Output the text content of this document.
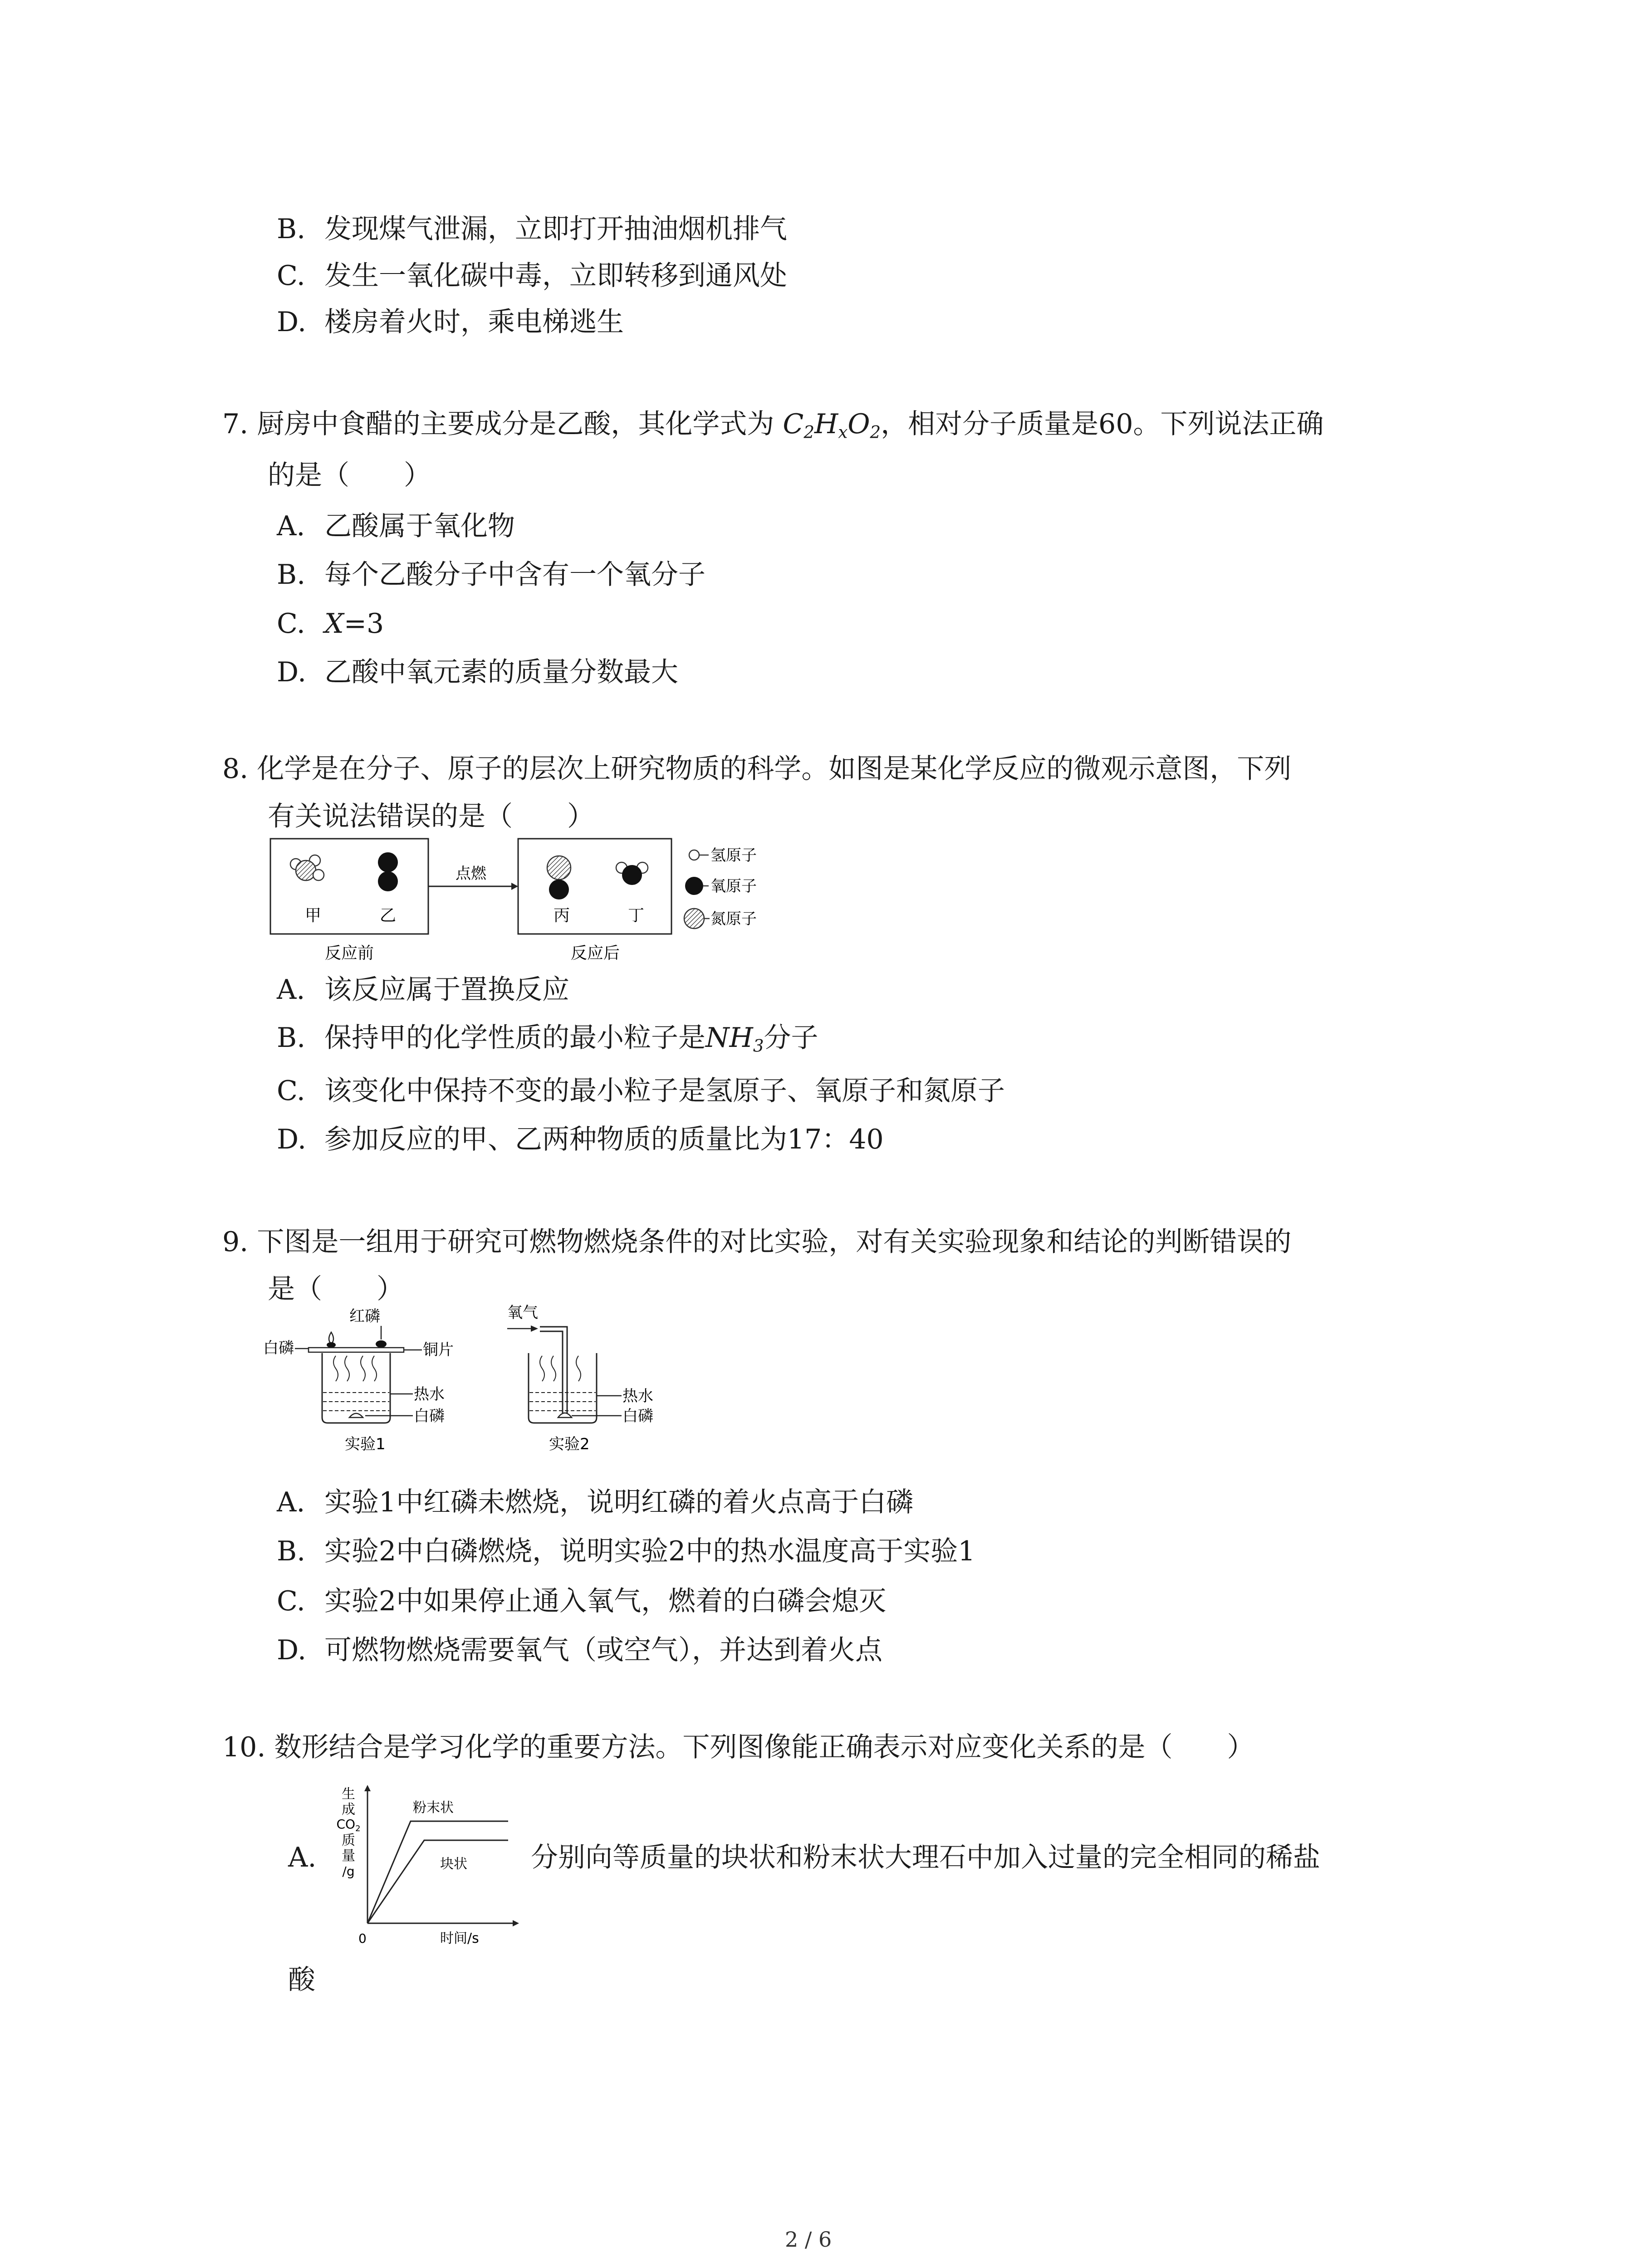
B. 发现煤气泄漏，立即打开抽油烟机排气
C. 发生一氧化碳中毒，立即转移到通风处
D. 楼房着火时，乘电梯逃生
7. 厨房中食醋的主要成分是乙酸，其化学式为 $C_2H_xO_2$，相对分子质量是60。下列说法正确
的是（　　）
A. 乙酸属于氧化物
B. 每个乙酸分子中含有一个氧分子
C. X=3
D. 乙酸中氧元素的质量分数最大
8. 化学是在分子、原子的层次上研究物质的科学。如图是某化学反应的微观示意图，下列
有关说法错误的是（　　）
甲	乙
点燃
丙	丁
反应前	反应后
氢原子
氧原子
氮原子
A. 该反应属于置换反应
B. 保持甲的化学性质的最小粒子是$NH_3$分子
C. 该变化中保持不变的最小粒子是氢原子、氧原子和氮原子
D. 参加反应的甲、乙两种物质的质量比为17：40
9. 下图是一组用于研究可燃物燃烧条件的对比实验，对有关实验现象和结论的判断错误的
是（　　）
红磷
白磷	铜片
热水
白磷
实验1
氧气
热水
白磷
实验2
A. 实验1中红磷未燃烧，说明红磷的着火点高于白磷
B. 实验2中白磷燃烧，说明实验2中的热水温度高于实验1
C. 实验2中如果停止通入氧气，燃着的白磷会熄灭
D. 可燃物燃烧需要氧气（或空气），并达到着火点
10. 数形结合是学习化学的重要方法。下列图像能正确表示对应变化关系的是（　　）
A.
生
成
$CO_2$
质
量
/g
0	时间/s
粉末状
块状 分别向等质量的块状和粉末状大理石中加入过量的完全相同的稀盐
酸
2 / 6
